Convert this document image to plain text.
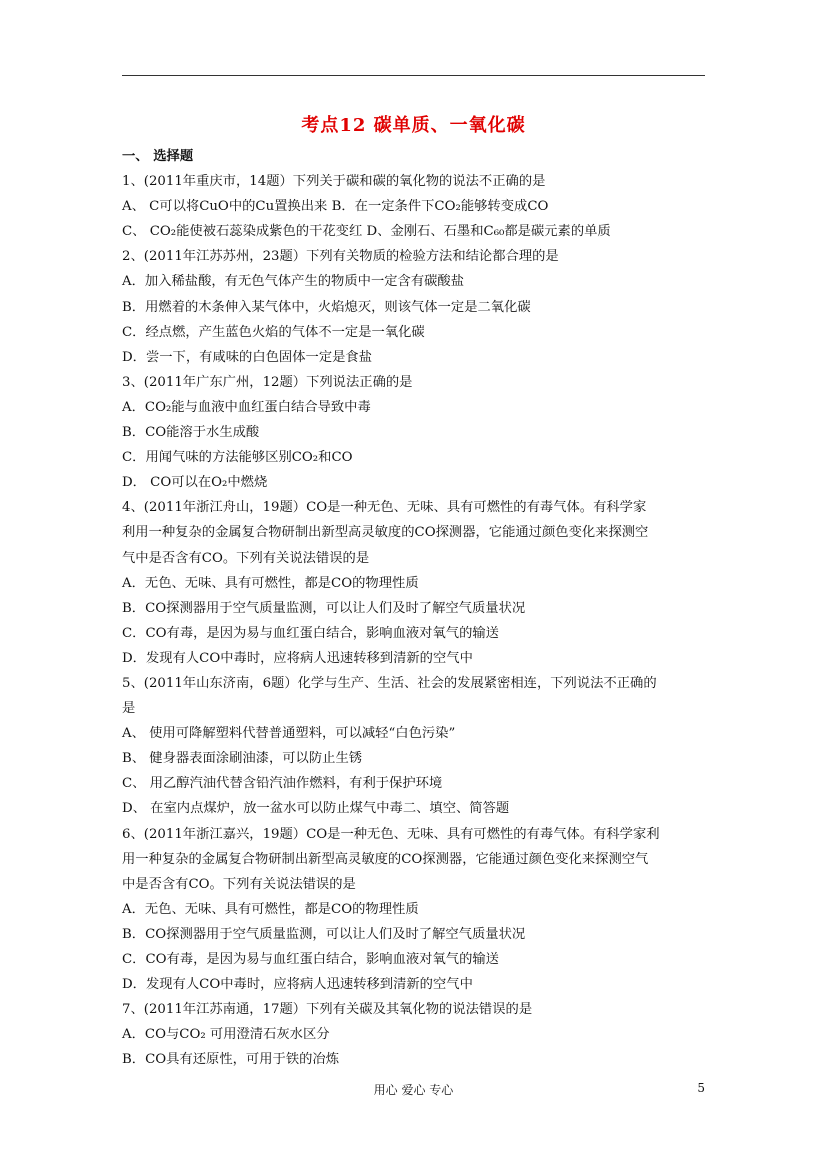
考点12 碳单质、一氧化碳
一、 选择题
1、(2011年重庆市，14题）下列关于碳和碳的氧化物的说法不正确的是
A、 C可以将CuO中的Cu置换出来 B．在一定条件下CO₂能够转变成CO
C、 CO₂能使被石蕊染成紫色的干花变红 D、金刚石、石墨和C₆₀都是碳元素的单质
2、(2011年江苏苏州，23题）下列有关物质的检验方法和结论都合理的是
A．加入稀盐酸，有无色气体产生的物质中一定含有碳酸盐
B．用燃着的木条伸入某气体中，火焰熄灭，则该气体一定是二氧化碳
C．经点燃，产生蓝色火焰的气体不一定是一氧化碳
D．尝一下，有咸味的白色固体一定是食盐
3、(2011年广东广州，12题）下列说法正确的是
A．CO₂能与血液中血红蛋白结合导致中毒
B．CO能溶于水生成酸
C．用闻气味的方法能够区别CO₂和CO
D． CO可以在O₂中燃烧
4、(2011年浙江舟山，19题）CO是一种无色、无味、具有可燃性的有毒气体。有科学家
利用一种复杂的金属复合物研制出新型高灵敏度的CO探测器，它能通过颜色变化来探测空
气中是否含有CO。下列有关说法错误的是
A．无色、无味、具有可燃性，都是CO的物理性质
B．CO探测器用于空气质量监测，可以让人们及时了解空气质量状况
C．CO有毒，是因为易与血红蛋白结合，影响血液对氧气的输送
D．发现有人CO中毒时，应将病人迅速转移到清新的空气中
5、(2011年山东济南，6题）化学与生产、生活、社会的发展紧密相连，下列说法不正确的
是
A、 使用可降解塑料代替普通塑料，可以减轻“白色污染”
B、 健身器表面涂刷油漆，可以防止生锈
C、 用乙醇汽油代替含铅汽油作燃料，有利于保护环境
D、 在室内点煤炉，放一盆水可以防止煤气中毒二、填空、简答题
6、(2011年浙江嘉兴，19题）CO是一种无色、无味、具有可燃性的有毒气体。有科学家利
用一种复杂的金属复合物研制出新型高灵敏度的CO探测器，它能通过颜色变化来探测空气
中是否含有CO。下列有关说法错误的是
A．无色、无味、具有可燃性，都是CO的物理性质
B．CO探测器用于空气质量监测，可以让人们及时了解空气质量状况
C．CO有毒，是因为易与血红蛋白结合，影响血液对氧气的输送
D．发现有人CO中毒时，应将病人迅速转移到清新的空气中
7、(2011年江苏南通，17题）下列有关碳及其氧化物的说法错误的是
A．CO与CO₂ 可用澄清石灰水区分
B．CO具有还原性，可用于铁的冶炼
用心 爱心 专心	5
